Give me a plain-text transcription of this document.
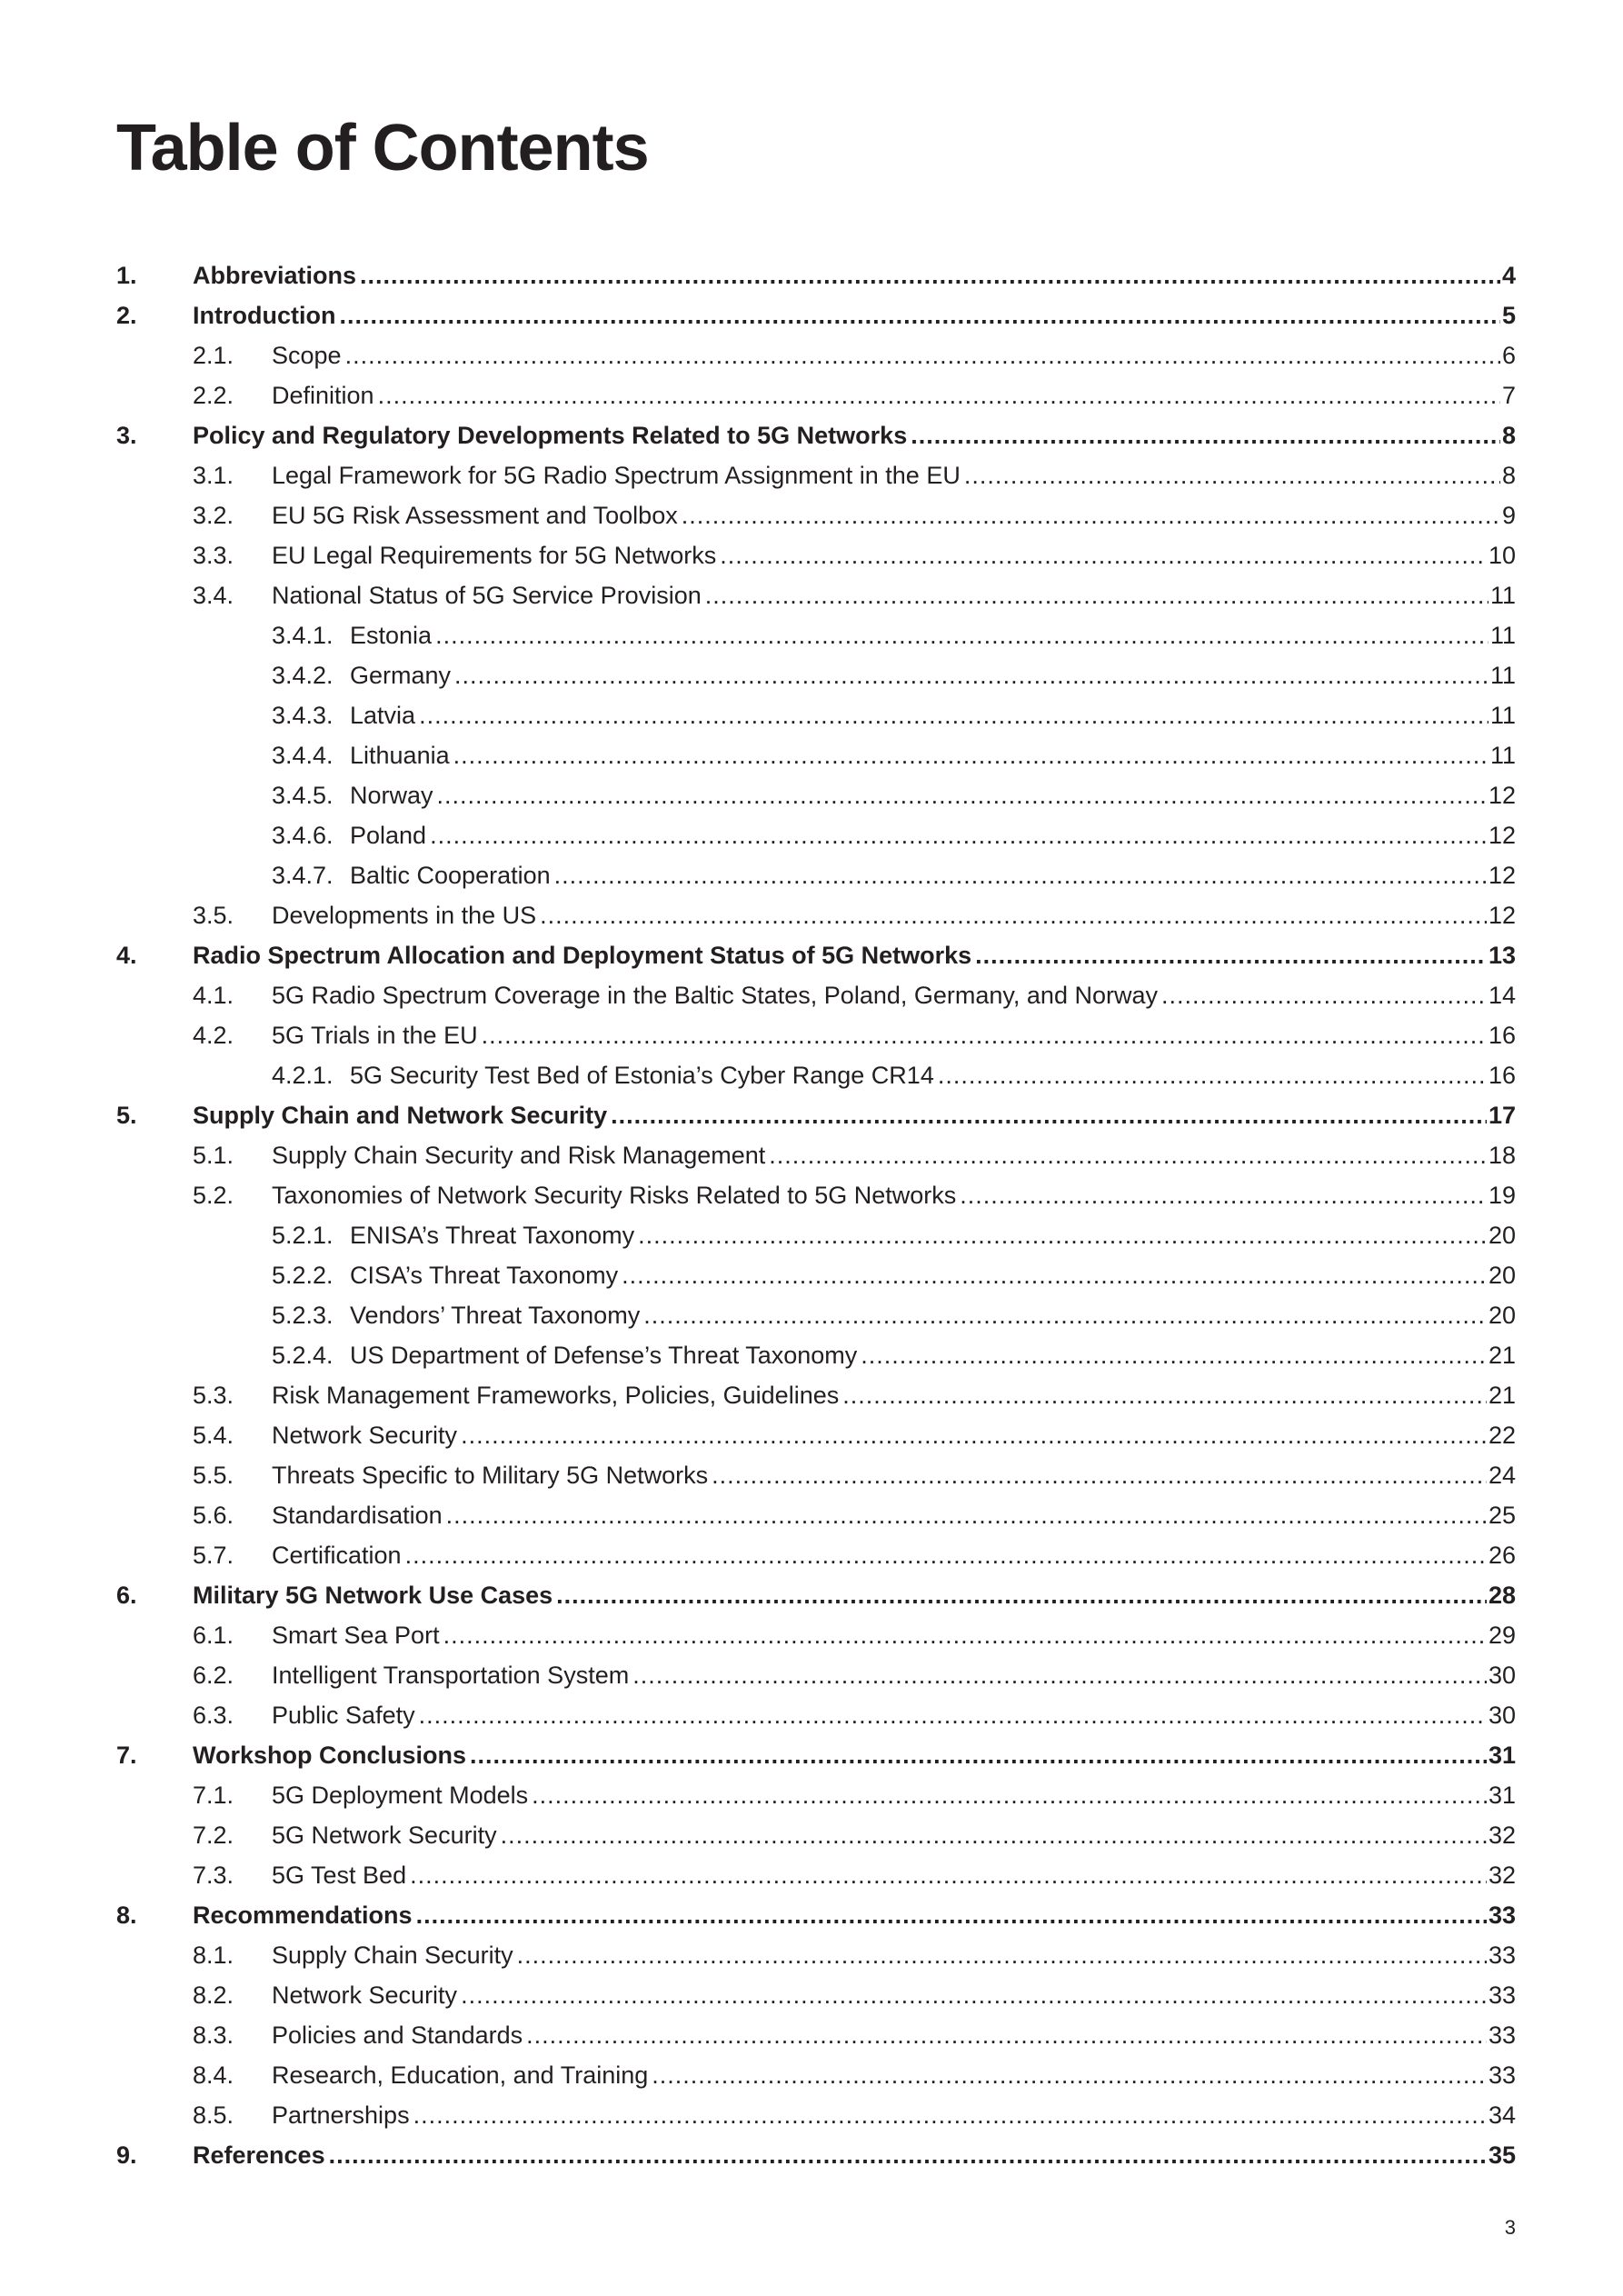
Table of Contents
1.	Abbreviations .....	4
2.	Introduction .....	5
2.1.	Scope .....	6
2.2.	Definition .....	7
3.	Policy and Regulatory Developments Related to 5G Networks .....	8
3.1.	Legal Framework for 5G Radio Spectrum Assignment in the EU .....	8
3.2.	EU 5G Risk Assessment and Toolbox .....	9
3.3.	EU Legal Requirements for 5G Networks .....	10
3.4.	National Status of 5G Service Provision .....	11
3.4.1. Estonia .....	11
3.4.2. Germany .....	11
3.4.3. Latvia .....	11
3.4.4. Lithuania .....	11
3.4.5. Norway .....	12
3.4.6. Poland .....	12
3.4.7. Baltic Cooperation .....	12
3.5.	Developments in the US .....	12
4.	Radio Spectrum Allocation and Deployment Status of 5G Networks .....	13
4.1.	5G Radio Spectrum Coverage in the Baltic States, Poland, Germany, and Norway .....	14
4.2.	5G Trials in the EU .....	16
4.2.1. 5G Security Test Bed of Estonia’s Cyber Range CR14 .....	16
5.	Supply Chain and Network Security .....	17
5.1.	Supply Chain Security and Risk Management .....	18
5.2.	Taxonomies of Network Security Risks Related to 5G Networks .....	19
5.2.1. ENISA’s Threat Taxonomy .....	20
5.2.2. CISA’s Threat Taxonomy .....	20
5.2.3. Vendors’ Threat Taxonomy .....	20
5.2.4. US Department of Defense’s Threat Taxonomy .....	21
5.3.	Risk Management Frameworks, Policies, Guidelines .....	21
5.4.	Network Security .....	22
5.5.	Threats Specific to Military 5G Networks .....	24
5.6.	Standardisation .....	25
5.7.	Certification .....	26
6.	Military 5G Network Use Cases .....	28
6.1.	Smart Sea Port .....	29
6.2.	Intelligent Transportation System .....	30
6.3.	Public Safety .....	30
7.	Workshop Conclusions .....	31
7.1.	5G Deployment Models .....	31
7.2.	5G Network Security .....	32
7.3.	5G Test Bed .....	32
8.	Recommendations .....	33
8.1.	Supply Chain Security .....	33
8.2.	Network Security .....	33
8.3.	Policies and Standards .....	33
8.4.	Research, Education, and Training .....	33
8.5.	Partnerships .....	34
9.	References .....	35
3
